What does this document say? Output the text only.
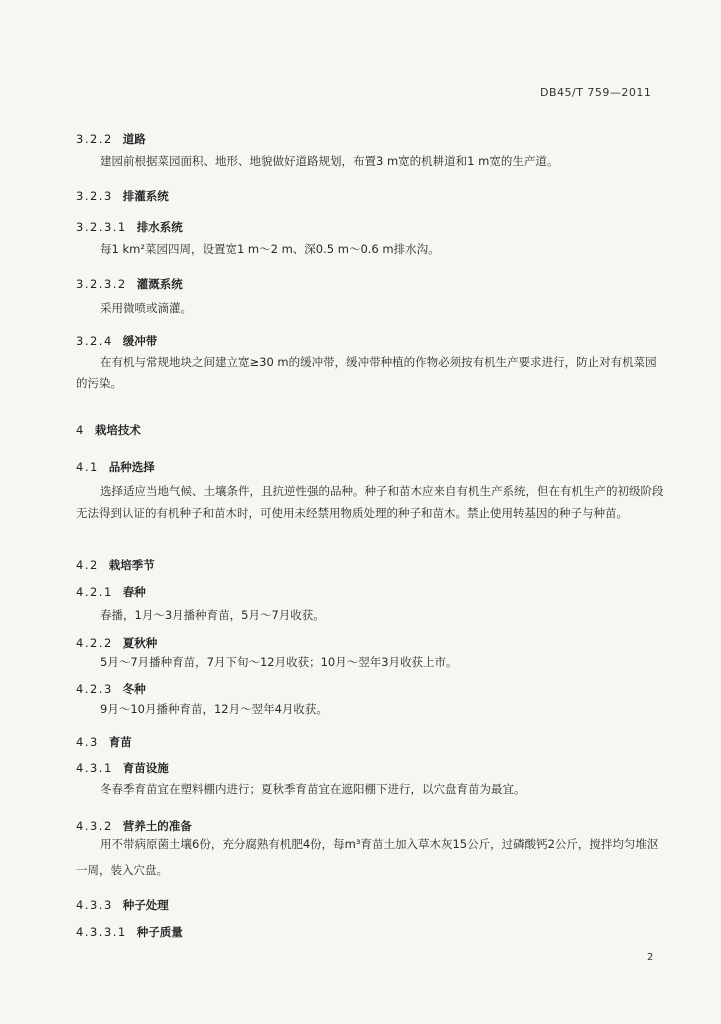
DB45/T 759—2011
3.2.2 道路
建园前根据菜园面积、地形、地貌做好道路规划，布置3 m宽的机耕道和1 m宽的生产道。
3.2.3 排灌系统
3.2.3.1 排水系统
每1 km²菜园四周，设置宽1 m～2 m、深0.5 m～0.6 m排水沟。
3.2.3.2 灌溉系统
采用微喷或滴灌。
3.2.4 缓冲带
在有机与常规地块之间建立宽≥30 m的缓冲带，缓冲带种植的作物必须按有机生产要求进行，防止对有机菜园的污染。
4 栽培技术
4.1 品种选择
选择适应当地气候、土壤条件，且抗逆性强的品种。种子和苗木应来自有机生产系统，但在有机生产的初级阶段无法得到认证的有机种子和苗木时，可使用未经禁用物质处理的种子和苗木。禁止使用转基因的种子与种苗。
4.2 栽培季节
4.2.1 春种
春播，1月～3月播种育苗，5月～7月收获。
4.2.2 夏秋种
5月～7月播种育苗，7月下旬～12月收获；10月～翌年3月收获上市。
4.2.3 冬种
9月～10月播种育苗，12月～翌年4月收获。
4.3 育苗
4.3.1 育苗设施
冬春季育苗宜在塑料棚内进行；夏秋季育苗宜在遮阳棚下进行，以穴盘育苗为最宜。
4.3.2 营养土的准备
用不带病原菌土壤6份，充分腐熟有机肥4份，每m³育苗土加入草木灰15公斤，过磷酸钙2公斤，搅拌均匀堆沤一周，装入穴盘。
4.3.3 种子处理
4.3.3.1 种子质量
2
